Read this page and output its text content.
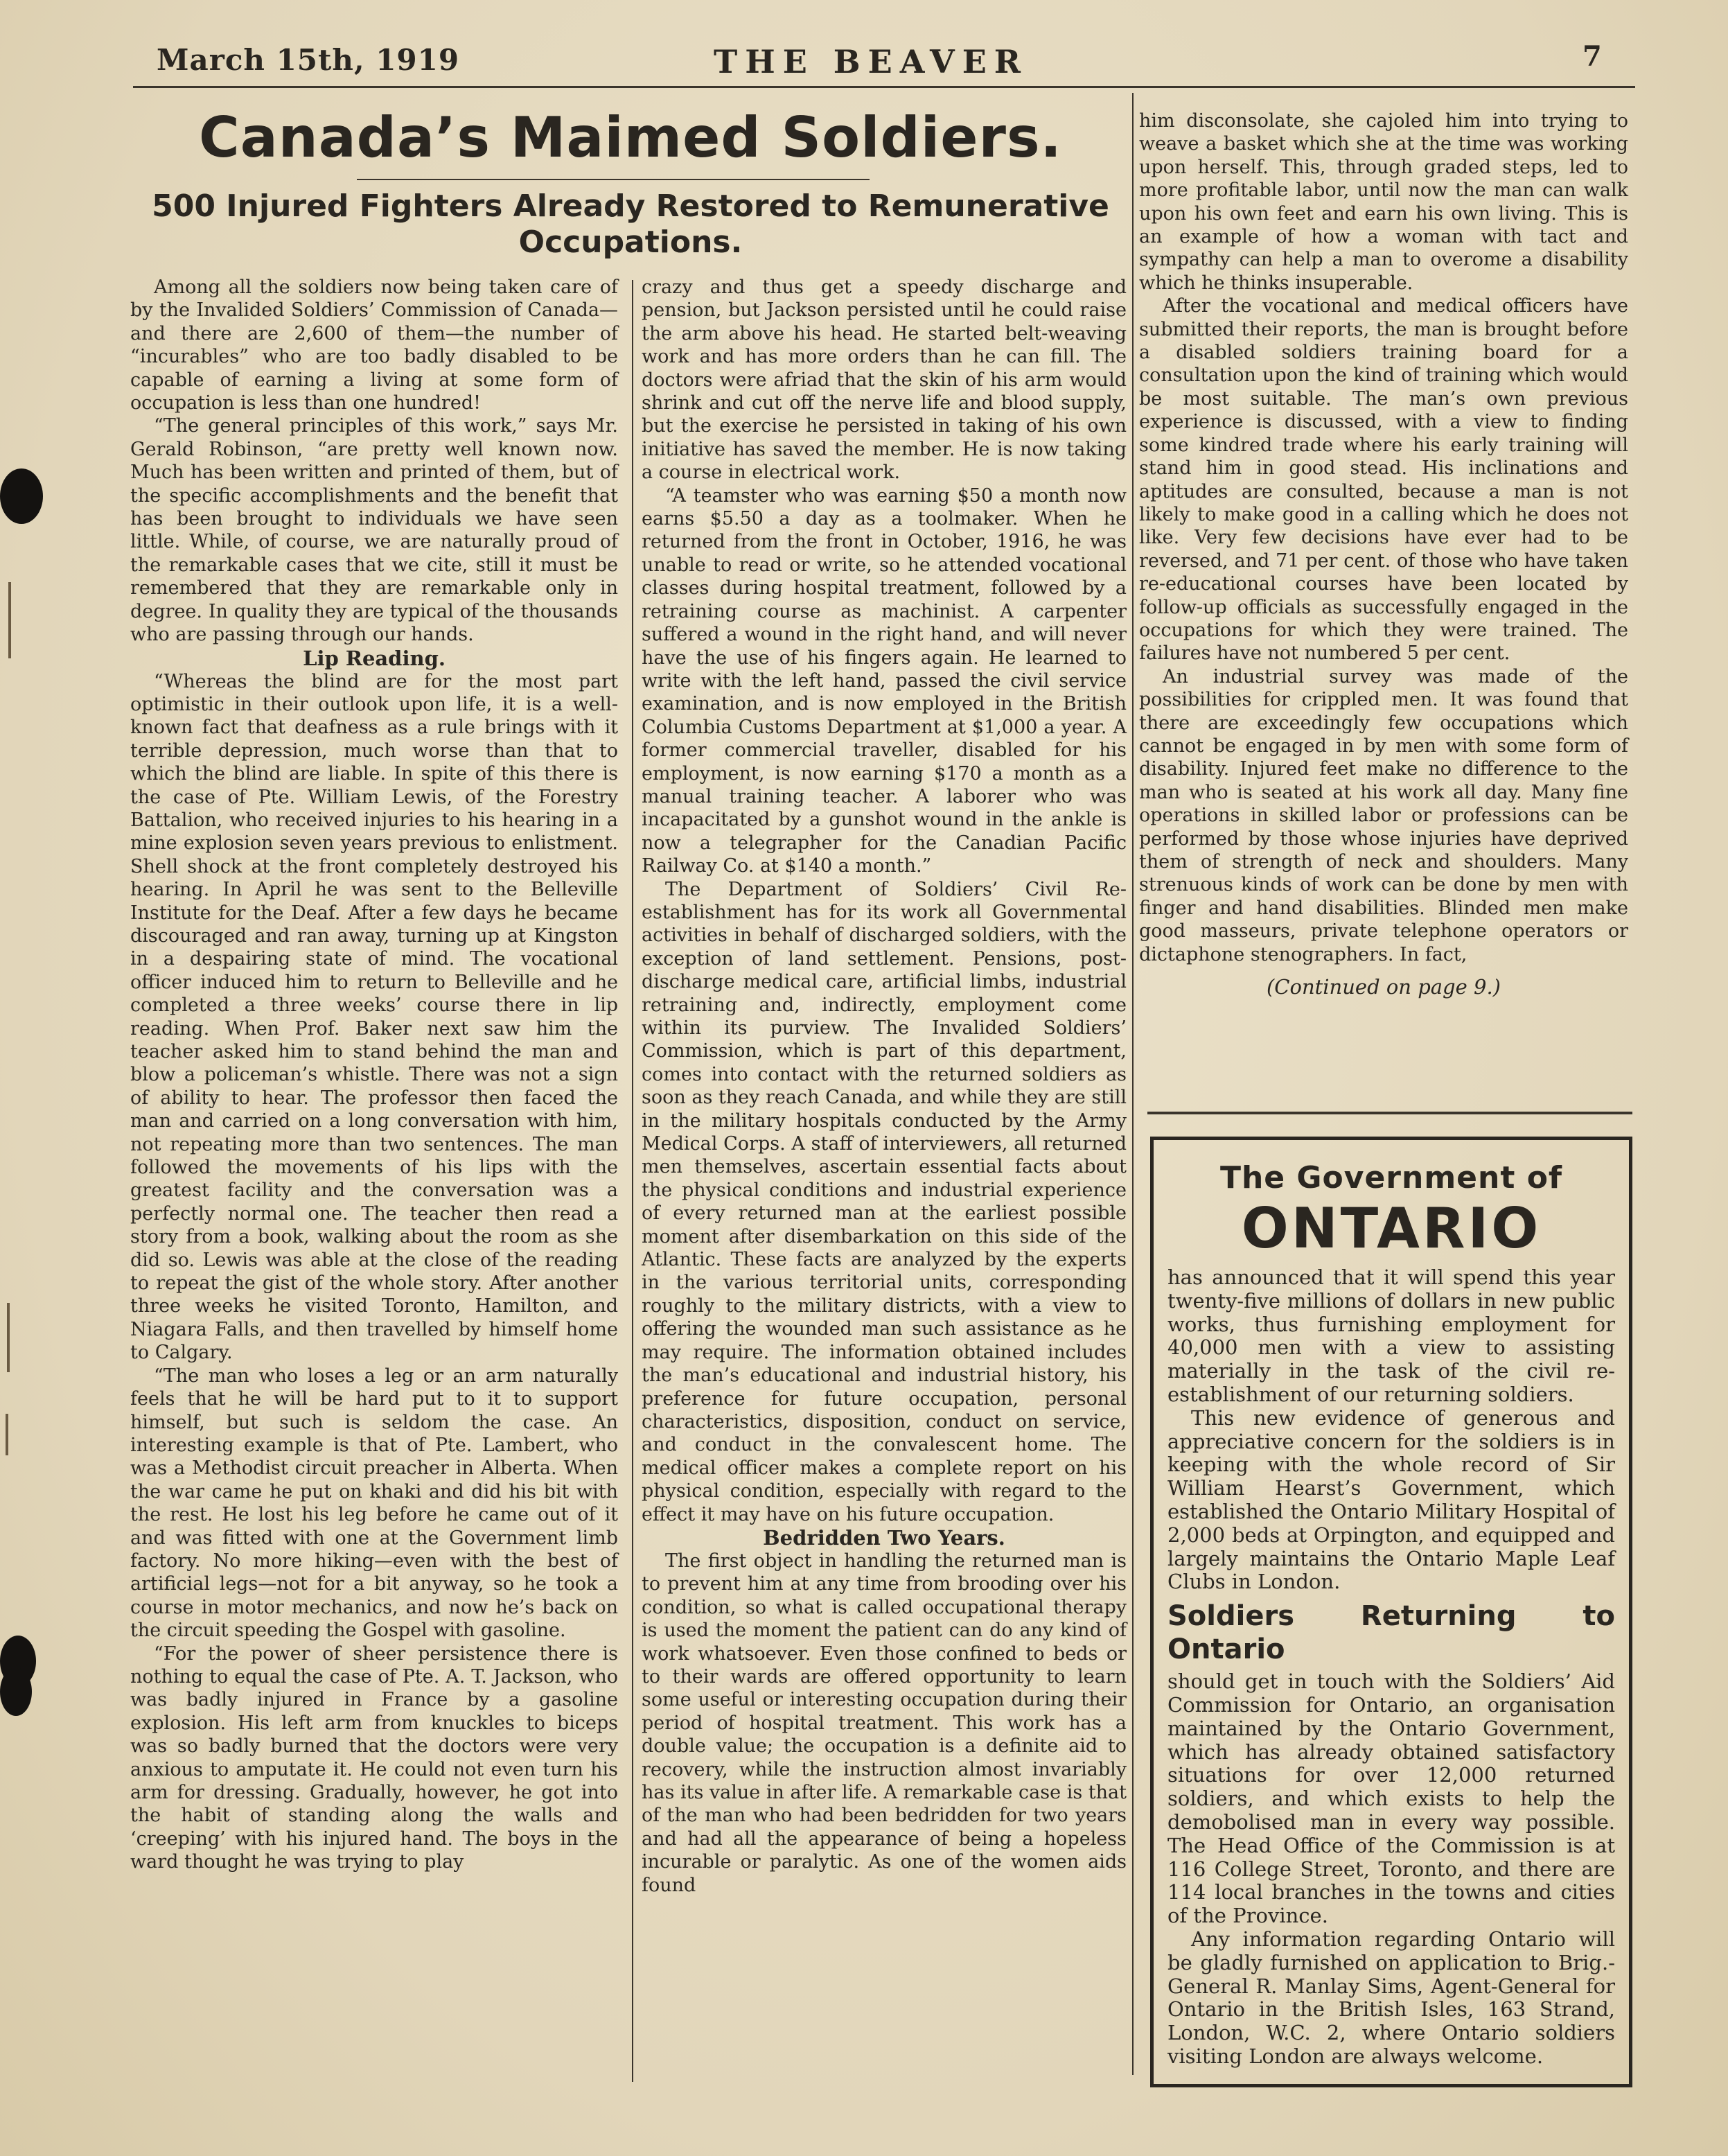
March 15th, 1919	THE BEAVER	7
Canada’s Maimed Soldiers.
500 Injured Fighters Already Restored to Remunerative Occupations.

Among all the soldiers now being taken care of by the Invalided Soldiers’ Commission of Canada—and there are 2,600 of them—the number of “incurables” who are too badly disabled to be capable of earning a living at some form of occupation is less than one hundred!

“The general principles of this work,” says Mr. Gerald Robinson, “are pretty well known now. Much has been written and printed of them, but of the specific accomplishments and the benefit that has been brought to individuals we have seen little. While, of course, we are naturally proud of the remarkable cases that we cite, still it must be remembered that they are remarkable only in degree. In quality they are typical of the thousands who are passing through our hands.

Lip Reading.

“Whereas the blind are for the most part optimistic in their outlook upon life, it is a well-known fact that deafness as a rule brings with it terrible depression, much worse than that to which the blind are liable. In spite of this there is the case of Pte. William Lewis, of the Forestry Battalion, who received injuries to his hearing in a mine explosion seven years previous to enlistment. Shell shock at the front completely destroyed his hearing. In April he was sent to the Belleville Institute for the Deaf. After a few days he became discouraged and ran away, turning up at Kingston in a despairing state of mind. The vocational officer induced him to return to Belleville and he completed a three weeks’ course there in lip reading. When Prof. Baker next saw him the teacher asked him to stand behind the man and blow a policeman’s whistle. There was not a sign of ability to hear. The professor then faced the man and carried on a long conversation with him, not repeating more than two sentences. The man followed the movements of his lips with the greatest facility and the conversation was a perfectly normal one. The teacher then read a story from a book, walking about the room as she did so. Lewis was able at the close of the reading to repeat the gist of the whole story. After another three weeks he visited Toronto, Hamilton, and Niagara Falls, and then travelled by himself home to Calgary.

“The man who loses a leg or an arm naturally feels that he will be hard put to it to support himself, but such is seldom the case. An interesting example is that of Pte. Lambert, who was a Methodist circuit preacher in Alberta. When the war came he put on khaki and did his bit with the rest. He lost his leg before he came out of it and was fitted with one at the Government limb factory. No more hiking—even with the best of artificial legs—not for a bit anyway, so he took a course in motor mechanics, and now he’s back on the circuit speeding the Gospel with gasoline.

“For the power of sheer persistence there is nothing to equal the case of Pte. A. T. Jackson, who was badly injured in France by a gasoline explosion. His left arm from knuckles to biceps was so badly burned that the doctors were very anxious to amputate it. He could not even turn his arm for dressing. Gradually, however, he got into the habit of standing along the walls and ‘creeping’ with his injured hand. The boys in the ward thought he was trying to play

crazy and thus get a speedy discharge and pension, but Jackson persisted until he could raise the arm above his head. He started belt-weaving work and has more orders than he can fill. The doctors were afriad that the skin of his arm would shrink and cut off the nerve life and blood supply, but the exercise he persisted in taking of his own initiative has saved the member. He is now taking a course in electrical work.

“A teamster who was earning $50 a month now earns $5.50 a day as a toolmaker. When he returned from the front in October, 1916, he was unable to read or write, so he attended vocational classes during hospital treatment, followed by a retraining course as machinist. A carpenter suffered a wound in the right hand, and will never have the use of his fingers again. He learned to write with the left hand, passed the civil service examination, and is now employed in the British Columbia Customs Department at $1,000 a year. A former commercial traveller, disabled for his employment, is now earning $170 a month as a manual training teacher. A laborer who was incapacitated by a gunshot wound in the ankle is now a telegrapher for the Canadian Pacific Railway Co. at $140 a month.”

The Department of Soldiers’ Civil Re-establishment has for its work all Governmental activities in behalf of discharged soldiers, with the exception of land settlement. Pensions, post-discharge medical care, artificial limbs, industrial retraining and, indirectly, employment come within its purview. The Invalided Soldiers’ Commission, which is part of this department, comes into contact with the returned soldiers as soon as they reach Canada, and while they are still in the military hospitals conducted by the Army Medical Corps. A staff of interviewers, all returned men themselves, ascertain essential facts about the physical conditions and industrial experience of every returned man at the earliest possible moment after disembarkation on this side of the Atlantic. These facts are analyzed by the experts in the various territorial units, corresponding roughly to the military districts, with a view to offering the wounded man such assistance as he may require. The information obtained includes the man’s educational and industrial history, his preference for future occupation, personal characteristics, disposition, conduct on service, and conduct in the convalescent home. The medical officer makes a complete report on his physical condition, especially with regard to the effect it may have on his future occupation.

Bedridden Two Years.

The first object in handling the returned man is to prevent him at any time from brooding over his condition, so what is called occupational therapy is used the moment the patient can do any kind of work whatsoever. Even those confined to beds or to their wards are offered opportunity to learn some useful or interesting occupation during their period of hospital treatment. This work has a double value; the occupation is a definite aid to recovery, while the instruction almost invariably has its value in after life. A remarkable case is that of the man who had been bedridden for two years and had all the appearance of being a hopeless incurable or paralytic. As one of the women aids found

him disconsolate, she cajoled him into trying to weave a basket which she at the time was working upon herself. This, through graded steps, led to more profitable labor, until now the man can walk upon his own feet and earn his own living. This is an example of how a woman with tact and sympathy can help a man to overome a disability which he thinks insuperable.

After the vocational and medical officers have submitted their reports, the man is brought before a disabled soldiers training board for a consultation upon the kind of training which would be most suitable. The man’s own previous experience is discussed, with a view to finding some kindred trade where his early training will stand him in good stead. His inclinations and aptitudes are consulted, because a man is not likely to make good in a calling which he does not like. Very few decisions have ever had to be reversed, and 71 per cent. of those who have taken re-educational courses have been located by follow-up officials as successfully engaged in the occupations for which they were trained. The failures have not numbered 5 per cent.

An industrial survey was made of the possibilities for crippled men. It was found that there are exceedingly few occupations which cannot be engaged in by men with some form of disability. Injured feet make no difference to the man who is seated at his work all day. Many fine operations in skilled labor or professions can be performed by those whose injuries have deprived them of strength of neck and shoulders. Many strenuous kinds of work can be done by men with finger and hand disabilities. Blinded men make good masseurs, private telephone operators or dictaphone stenographers. In fact,

(Continued on page 9.)
The Government of
ONTARIO

has announced that it will spend this year twenty-five millions of dollars in new public works, thus furnishing employment for 40,000 men with a view to assisting materially in the task of the civil re-establishment of our returning soldiers.

This new evidence of generous and appreciative concern for the soldiers is in keeping with the whole record of Sir William Hearst’s Government, which established the Ontario Military Hospital of 2,000 beds at Orpington, and equipped and largely maintains the Ontario Maple Leaf Clubs in London.

Soldiers Returning to Ontario

should get in touch with the Soldiers’ Aid Commission for Ontario, an organisation maintained by the Ontario Government, which has already obtained satisfactory situations for over 12,000 returned soldiers, and which exists to help the demobolised man in every way possible. The Head Office of the Commission is at 116 College Street, Toronto, and there are 114 local branches in the towns and cities of the Province.

Any information regarding Ontario will be gladly furnished on application to Brig.-General R. Manlay Sims, Agent-General for Ontario in the British Isles, 163 Strand, London, W.C. 2, where Ontario soldiers visiting London are always welcome.
